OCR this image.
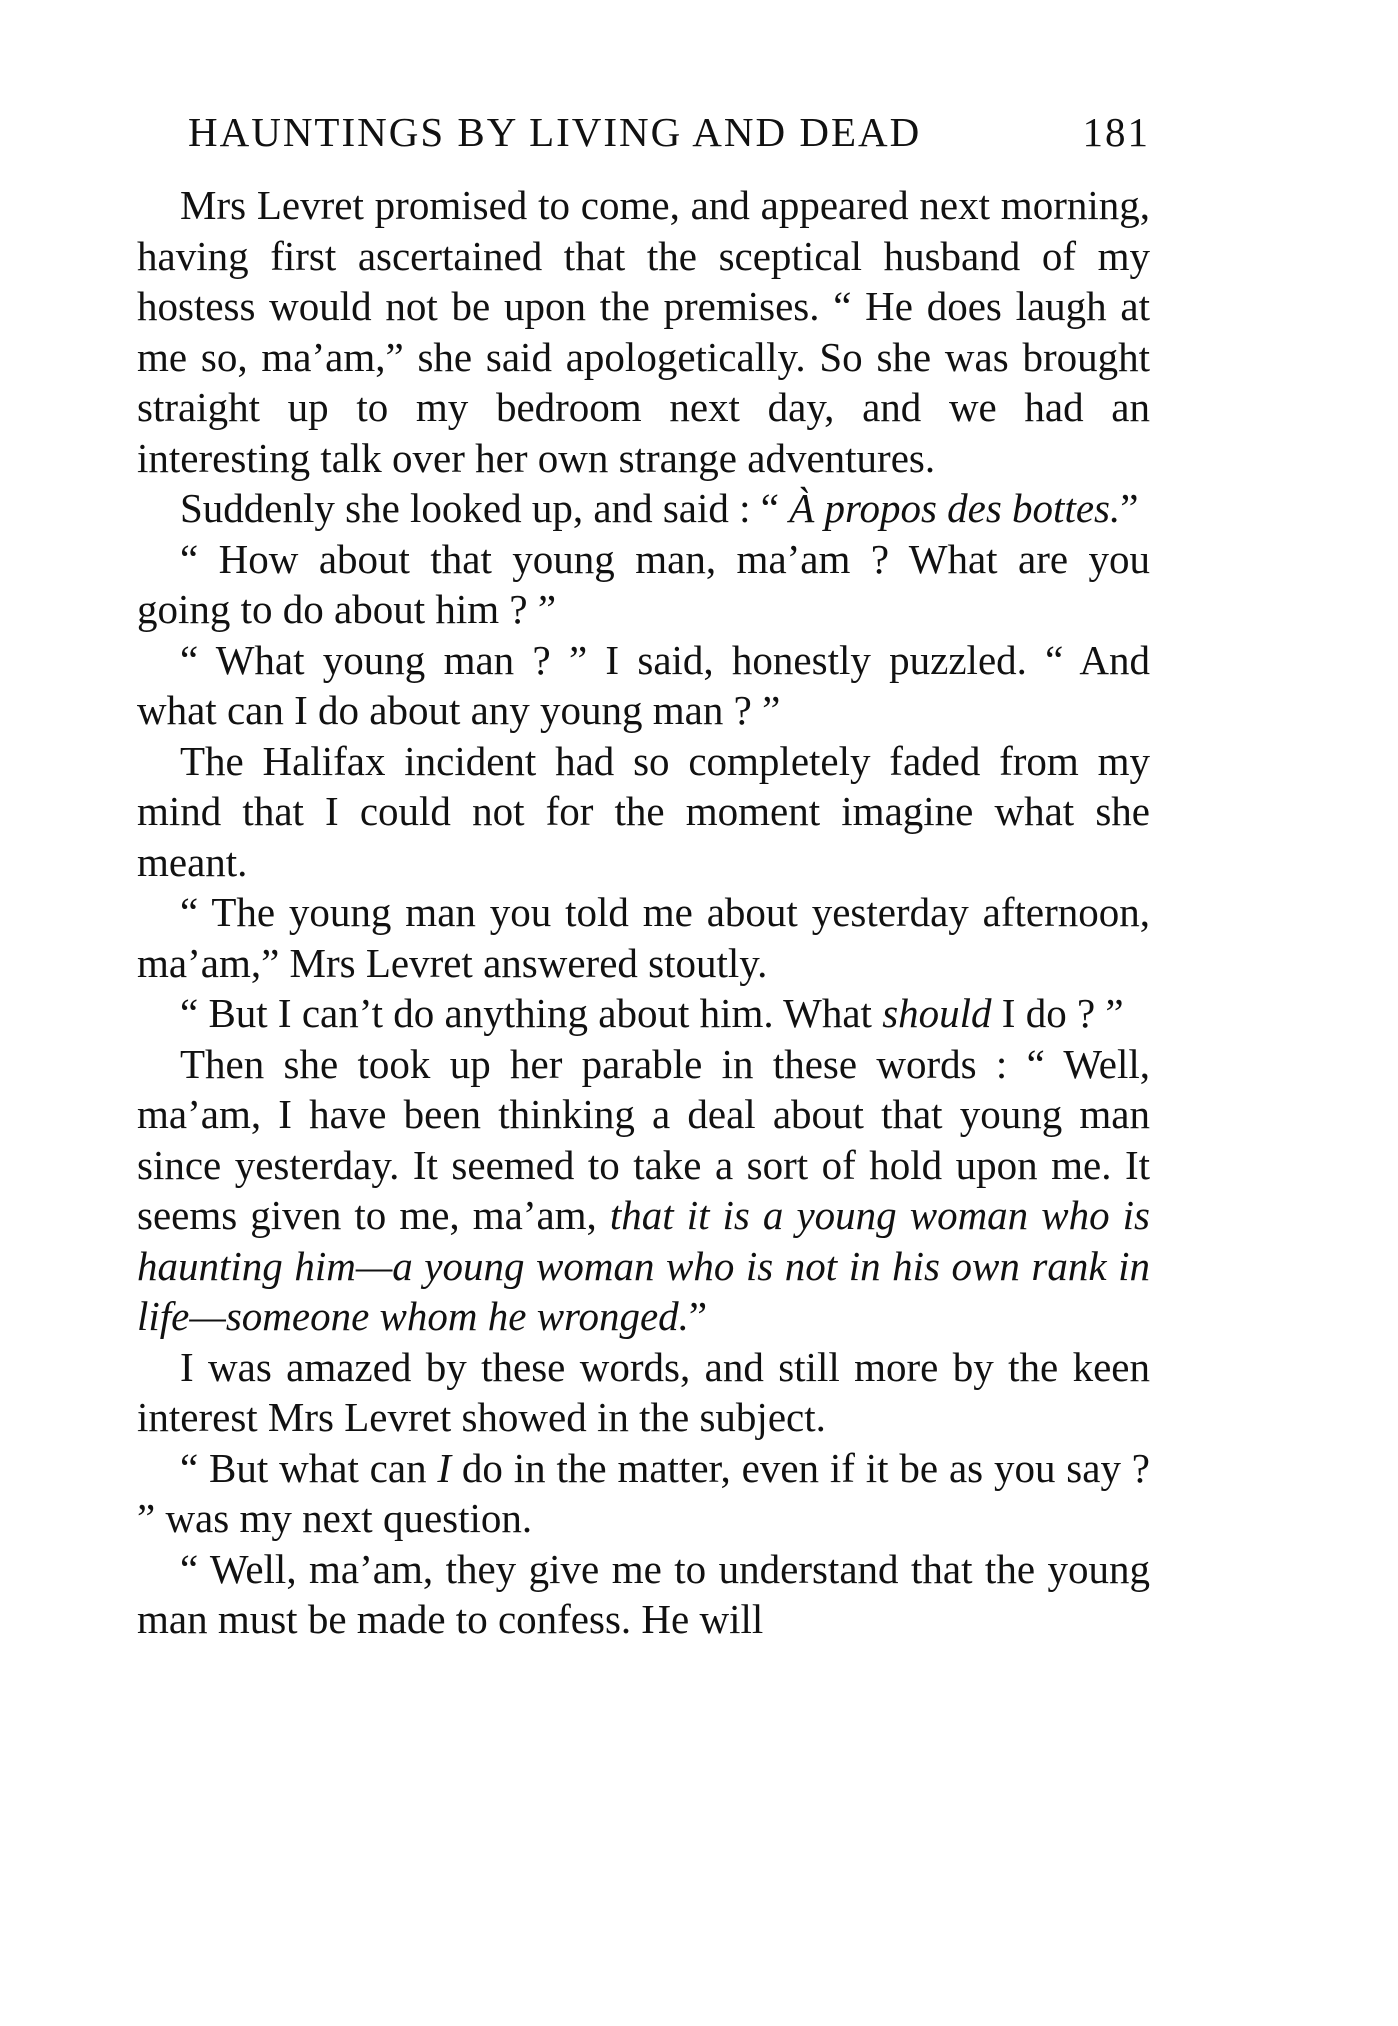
HAUNTINGS BY LIVING AND DEAD	181

Mrs Levret promised to come, and appeared next morning, having first ascertained that the sceptical husband of my hostess would not be upon the premises. “ He does laugh at me so, ma’am,” she said apologetically. So she was brought straight up to my bedroom next day, and we had an interesting talk over her own strange adventures.

Suddenly she looked up, and said : “ À propos des bottes.”

“ How about that young man, ma’am ? What are you going to do about him ? ”

“ What young man ? ” I said, honestly puzzled. “ And what can I do about any young man ? ”

The Halifax incident had so completely faded from my mind that I could not for the moment imagine what she meant.

“ The young man you told me about yesterday afternoon, ma’am,” Mrs Levret answered stoutly.

“ But I can’t do anything about him. What should I do ? ”

Then she took up her parable in these words : “ Well, ma’am, I have been thinking a deal about that young man since yesterday. It seemed to take a sort of hold upon me. It seems given to me, ma’am, that it is a young woman who is haunting him—a young woman who is not in his own rank in life—someone whom he wronged.”

I was amazed by these words, and still more by the keen interest Mrs Levret showed in the subject.

“ But what can I do in the matter, even if it be as you say ? ” was my next question.

“ Well, ma’am, they give me to understand that the young man must be made to confess. He will
